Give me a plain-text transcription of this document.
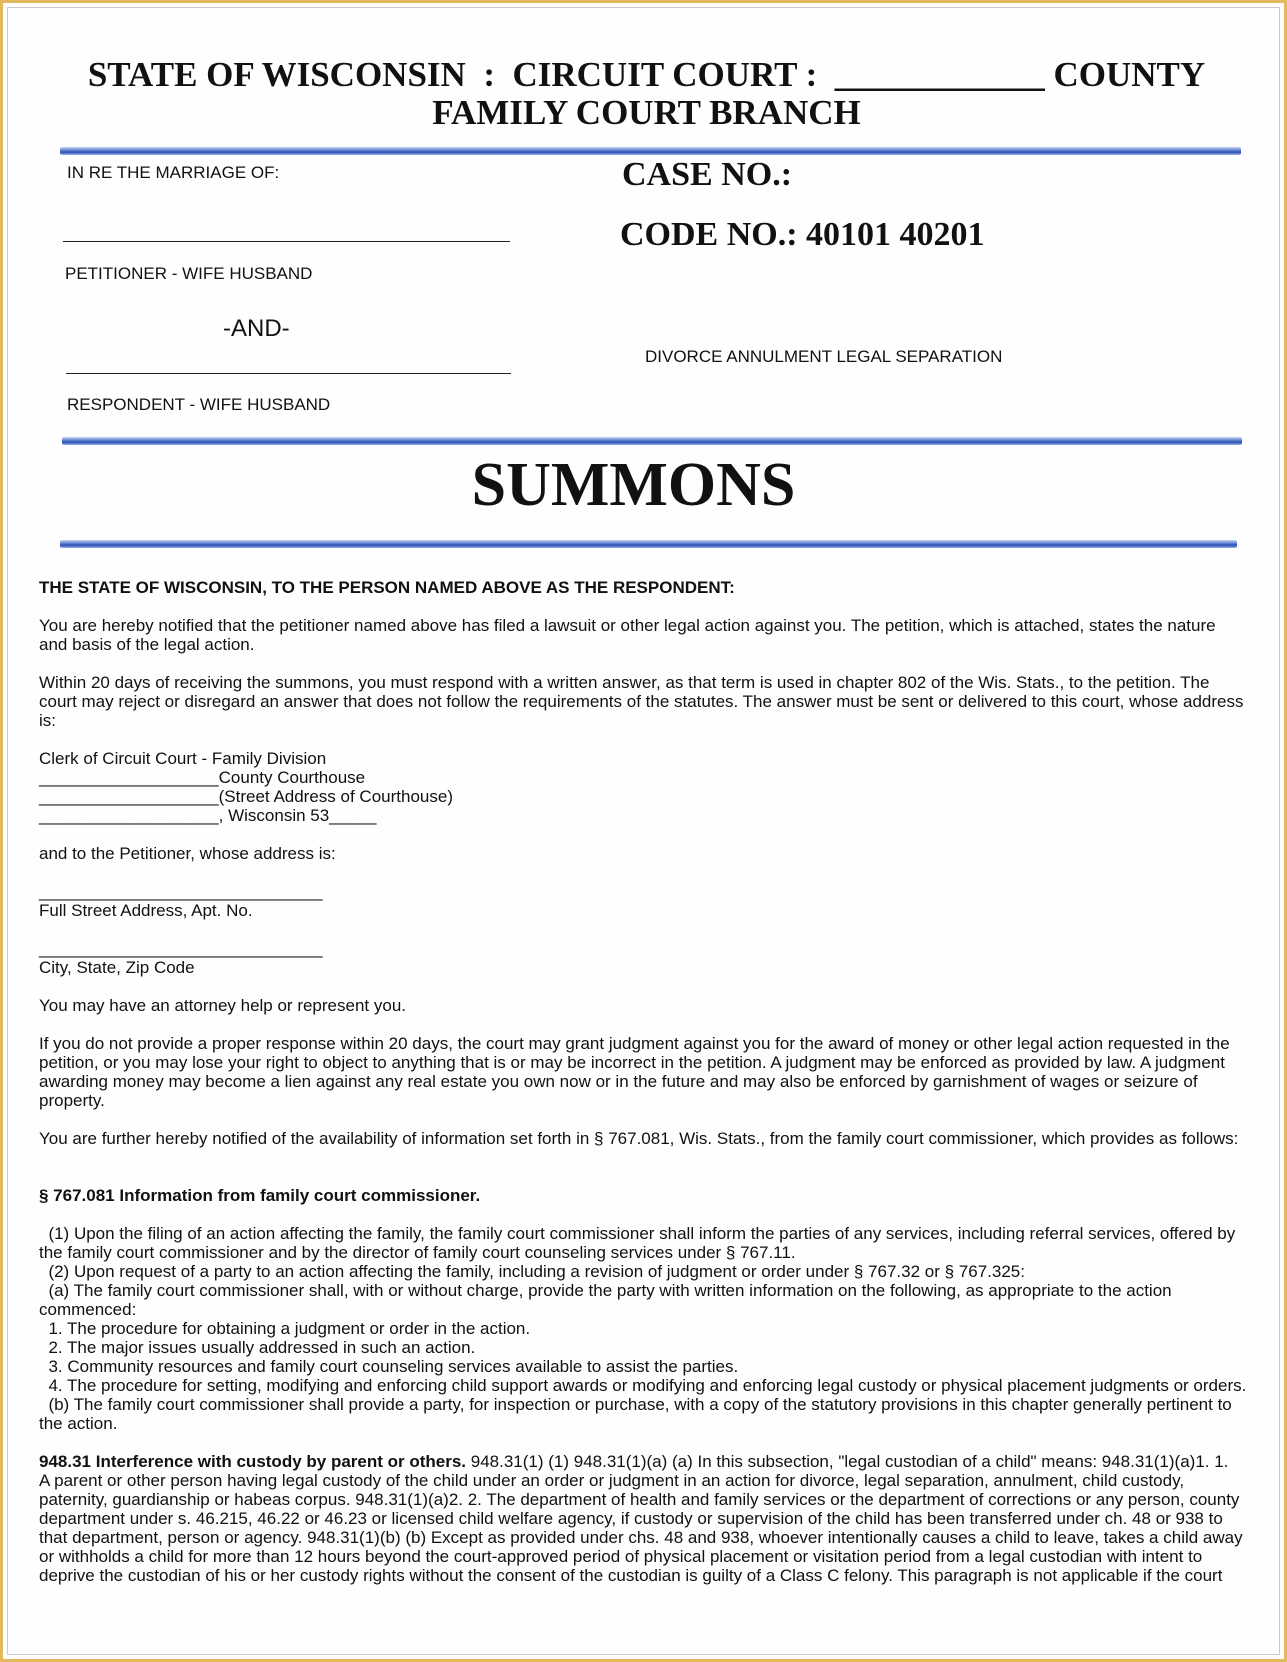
STATE OF WISCONSIN  :  CIRCUIT COURT :  ____________ COUNTY
FAMILY COURT BRANCH
IN RE THE MARRIAGE OF:
PETITIONER - WIFE HUSBAND
-AND-
RESPONDENT - WIFE HUSBAND
CASE NO.:
CODE NO.: 40101 40201
DIVORCE ANNULMENT LEGAL SEPARATION
SUMMONS

THE STATE OF WISCONSIN, TO THE PERSON NAMED ABOVE AS THE RESPONDENT:

You are hereby notified that the petitioner named above has filed a lawsuit or other legal action against you. The petition, which is attached, states the nature

and basis of the legal action.

Within 20 days of receiving the summons, you must respond with a written answer, as that term is used in chapter 802 of the Wis. Stats., to the petition. The

court may reject or disregard an answer that does not follow the requirements of the statutes. The answer must be sent or delivered to this court, whose address

is:

Clerk of Circuit Court - Family Division

___________________County Courthouse

___________________(Street Address of Courthouse)

___________________, Wisconsin 53_____

and to the Petitioner, whose address is:

______________________________

Full Street Address, Apt. No.

______________________________

City, State, Zip Code

You may have an attorney help or represent you.

If you do not provide a proper response within 20 days, the court may grant judgment against you for the award of money or other legal action requested in the

petition, or you may lose your right to object to anything that is or may be incorrect in the petition. A judgment may be enforced as provided by law. A judgment

awarding money may become a lien against any real estate you own now or in the future and may also be enforced by garnishment of wages or seizure of

property.

You are further hereby notified of the availability of information set forth in § 767.081, Wis. Stats., from the family court commissioner, which provides as follows:

§ 767.081 Information from family court commissioner.

(1) Upon the filing of an action affecting the family, the family court commissioner shall inform the parties of any services, including referral services, offered by

the family court commissioner and by the director of family court counseling services under § 767.11.

(2) Upon request of a party to an action affecting the family, including a revision of judgment or order under § 767.32 or § 767.325:

(a) The family court commissioner shall, with or without charge, provide the party with written information on the following, as appropriate to the action

commenced:

1. The procedure for obtaining a judgment or order in the action.

2. The major issues usually addressed in such an action.

3. Community resources and family court counseling services available to assist the parties.

4. The procedure for setting, modifying and enforcing child support awards or modifying and enforcing legal custody or physical placement judgments or orders.

(b) The family court commissioner shall provide a party, for inspection or purchase, with a copy of the statutory provisions in this chapter generally pertinent to

the action.

948.31 Interference with custody by parent or others. 948.31(1) (1) 948.31(1)(a) (a) In this subsection, "legal custodian of a child" means: 948.31(1)(a)1. 1.

A parent or other person having legal custody of the child under an order or judgment in an action for divorce, legal separation, annulment, child custody,

paternity, guardianship or habeas corpus. 948.31(1)(a)2. 2. The department of health and family services or the department of corrections or any person, county

department under s. 46.215, 46.22 or 46.23 or licensed child welfare agency, if custody or supervision of the child has been transferred under ch. 48 or 938 to

that department, person or agency. 948.31(1)(b) (b) Except as provided under chs. 48 and 938, whoever intentionally causes a child to leave, takes a child away

or withholds a child for more than 12 hours beyond the court-approved period of physical placement or visitation period from a legal custodian with intent to

deprive the custodian of his or her custody rights without the consent of the custodian is guilty of a Class C felony. This paragraph is not applicable if the court
